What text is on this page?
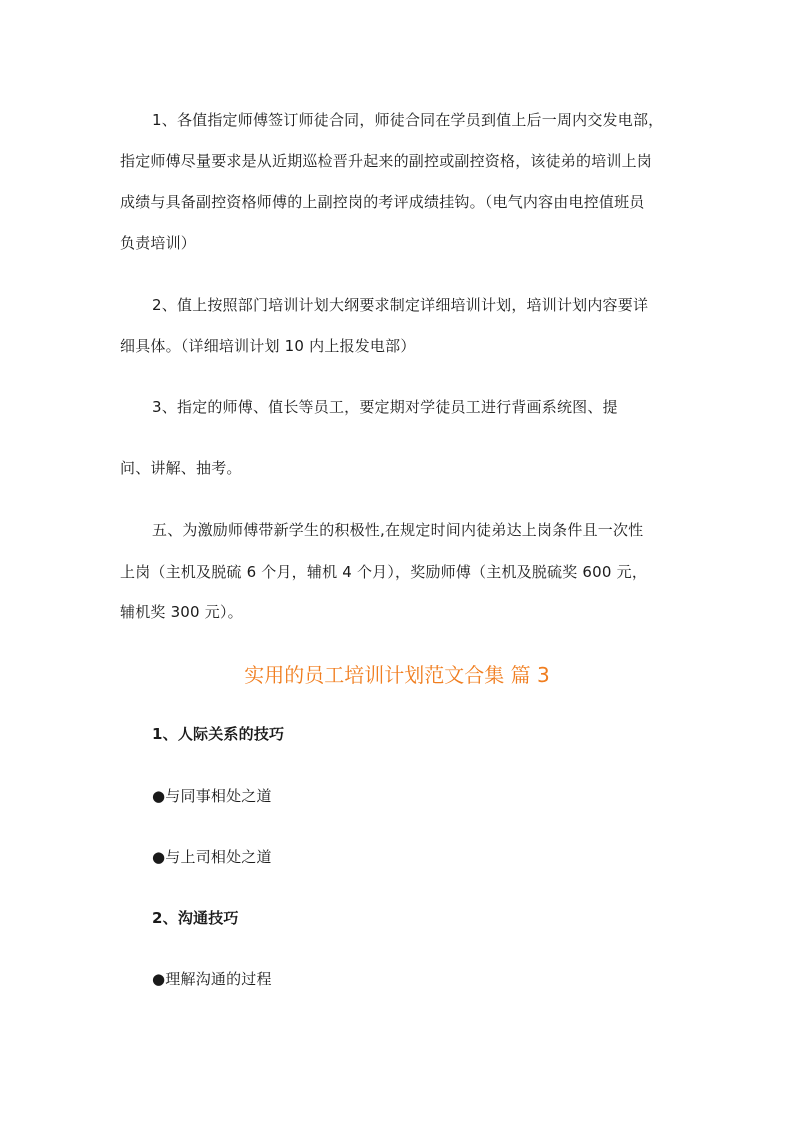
1、各值指定师傅签订师徒合同，师徒合同在学员到值上后一周内交发电部，
指定师傅尽量要求是从近期巡检晋升起来的副控或副控资格，该徒弟的培训上岗
成绩与具备副控资格师傅的上副控岗的考评成绩挂钩。（电气内容由电控值班员
负责培训）
2、值上按照部门培训计划大纲要求制定详细培训计划，培训计划内容要详
细具体。（详细培训计划 10 内上报发电部）
3、指定的师傅、值长等员工，要定期对学徒员工进行背画系统图、提
问、讲解、抽考。
五、为激励师傅带新学生的积极性,在规定时间内徒弟达上岗条件且一次性
上岗（主机及脱硫 6 个月，辅机 4 个月），奖励师傅（主机及脱硫奖 600 元，
辅机奖 300 元）。
实用的员工培训计划范文合集 篇 3
1、人际关系的技巧
●与同事相处之道
●与上司相处之道
2、沟通技巧
●理解沟通的过程
